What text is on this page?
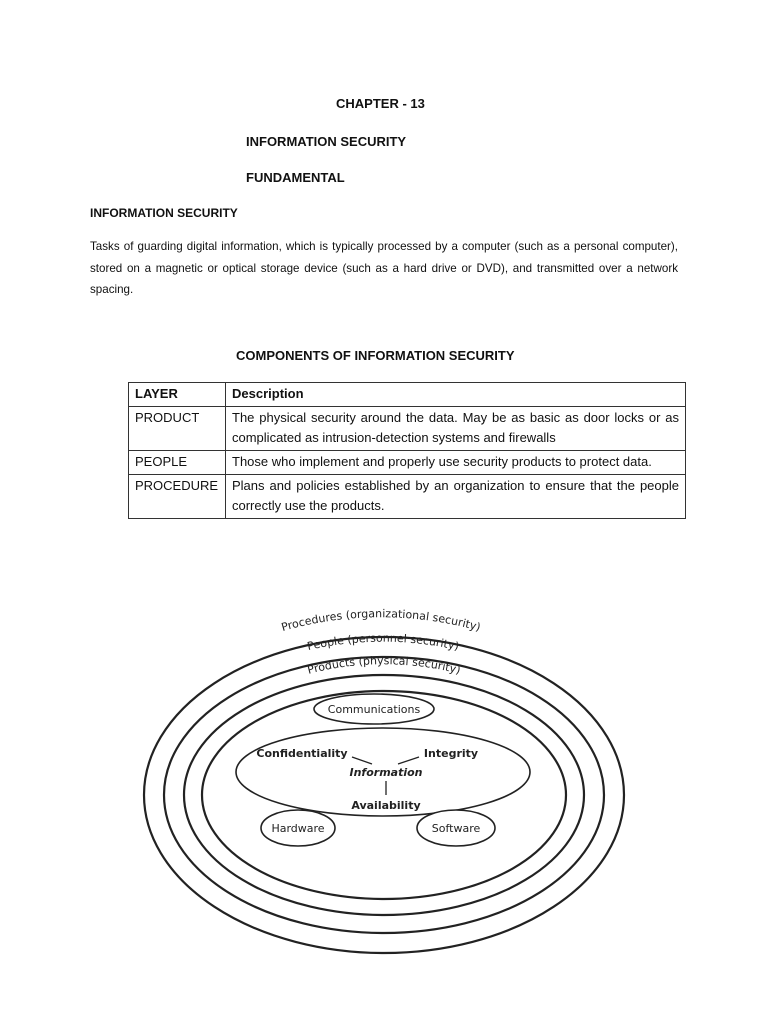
CHAPTER - 13
INFORMATION SECURITY
FUNDAMENTAL
INFORMATION SECURITY

Tasks of guarding digital information, which is typically processed by a computer (such as a personal computer), stored on a magnetic or optical storage device (such as a hard drive or DVD), and transmitted over a network spacing.

COMPONENTS OF INFORMATION SECURITY
LAYER	Description
PRODUCT	The physical security around the data. May be as basic as door locks or as complicated as intrusion-detection systems and firewalls
PEOPLE	Those who implement and properly use security products to protect data.
PROCEDURE	Plans and policies established by an organization to ensure that the people correctly use the products.
Procedures (organizational security)
People (personnel security)
Products (physical security)
Communications
Confidentiality	Integrity
Information
Availability
Hardware	Software
